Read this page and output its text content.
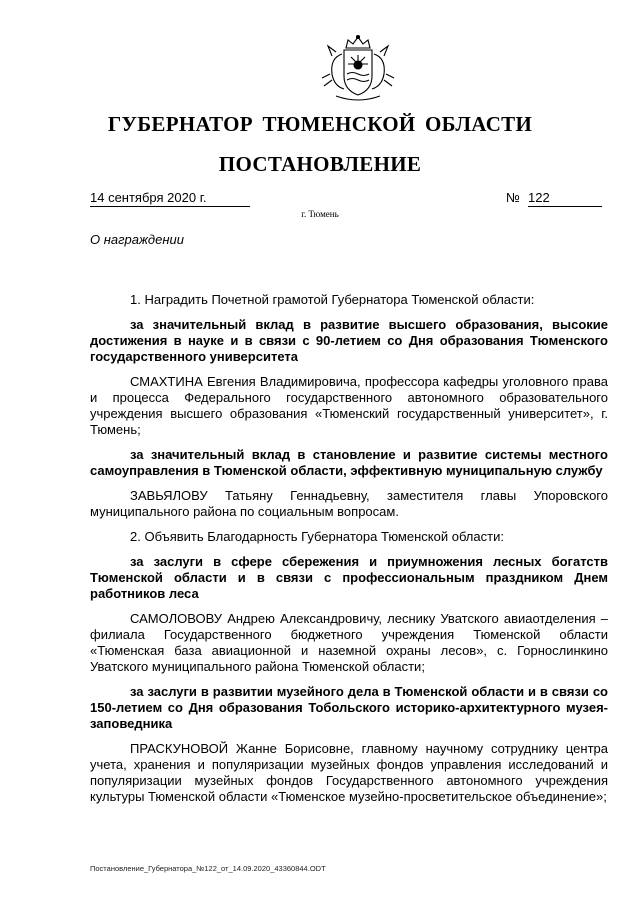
ГУБЕРНАТОР ТЮМЕНСКОЙ ОБЛАСТИ
ПОСТАНОВЛЕНИЕ
14 сентября 2020 г.	№ 122
г. Тюмень
О награждении

1. Наградить Почетной грамотой Губернатора Тюменской области:

за значительный вклад в развитие высшего образования, высокие достижения в науке и в связи с 90-летием со Дня образования Тюменского государственного университета

СМАХТИНА Евгения Владимировича, профессора кафедры уголовного права и процесса Федерального государственного автономного образовательного учреждения высшего образования «Тюменский государственный университет», г. Тюмень;

за значительный вклад в становление и развитие системы местного самоуправления в Тюменской области, эффективную муниципальную службу

ЗАВЬЯЛОВУ Татьяну Геннадьевну, заместителя главы Упоровского муниципального района по социальным вопросам.

2. Объявить Благодарность Губернатора Тюменской области:

за заслуги в сфере сбережения и приумножения лесных богатств Тюменской области и в связи с профессиональным праздником Днем работников леса

САМОЛОВОВУ Андрею Александровичу, леснику Уватского авиаотделения – филиала Государственного бюджетного учреждения Тюменской области «Тюменская база авиационной и наземной охраны лесов», с. Горнослинкино Уватского муниципального района Тюменской области;

за заслуги в развитии музейного дела в Тюменской области и в связи со 150-летием со Дня образования Тобольского историко-архитектурного музея-заповедника

ПРАСКУНОВОЙ Жанне Борисовне, главному научному сотруднику центра учета, хранения и популяризации музейных фондов управления исследований и популяризации музейных фондов Государственного автономного учреждения культуры Тюменской области «Тюменское музейно-просветительское объединение»;

Постановление_Губернатора_№122_от_14.09.2020_43360844.ODT
